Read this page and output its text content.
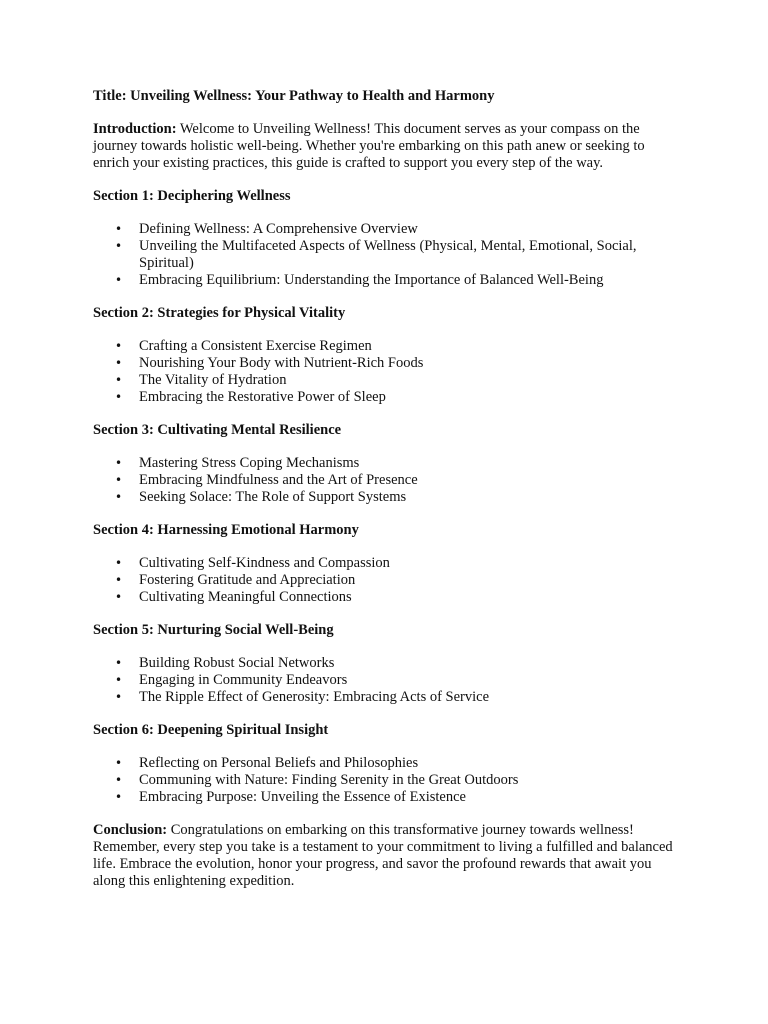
Title: Unveiling Wellness: Your Pathway to Health and Harmony

Introduction: Welcome to Unveiling Wellness! This document serves as your compass on the journey towards holistic well-being. Whether you're embarking on this path anew or seeking to enrich your existing practices, this guide is crafted to support you every step of the way.

Section 1: Deciphering Wellness

• Defining Wellness: A Comprehensive Overview
• Unveiling the Multifaceted Aspects of Wellness (Physical, Mental, Emotional, Social, Spiritual)
• Embracing Equilibrium: Understanding the Importance of Balanced Well-Being

Section 2: Strategies for Physical Vitality

• Crafting a Consistent Exercise Regimen
• Nourishing Your Body with Nutrient-Rich Foods
• The Vitality of Hydration
• Embracing the Restorative Power of Sleep

Section 3: Cultivating Mental Resilience

• Mastering Stress Coping Mechanisms
• Embracing Mindfulness and the Art of Presence
• Seeking Solace: The Role of Support Systems

Section 4: Harnessing Emotional Harmony

• Cultivating Self-Kindness and Compassion
• Fostering Gratitude and Appreciation
• Cultivating Meaningful Connections

Section 5: Nurturing Social Well-Being

• Building Robust Social Networks
• Engaging in Community Endeavors
• The Ripple Effect of Generosity: Embracing Acts of Service

Section 6: Deepening Spiritual Insight

• Reflecting on Personal Beliefs and Philosophies
• Communing with Nature: Finding Serenity in the Great Outdoors
• Embracing Purpose: Unveiling the Essence of Existence

Conclusion: Congratulations on embarking on this transformative journey towards wellness! Remember, every step you take is a testament to your commitment to living a fulfilled and balanced life. Embrace the evolution, honor your progress, and savor the profound rewards that await you along this enlightening expedition.
